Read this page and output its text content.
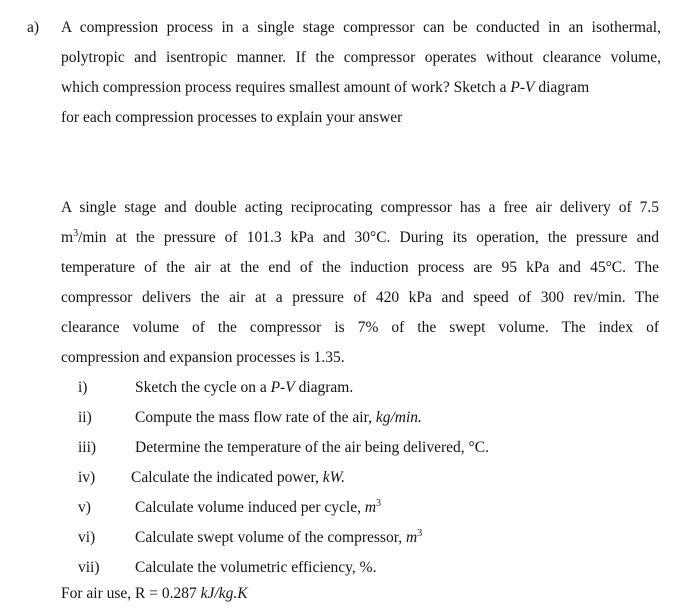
a) A compression process in a single stage compressor can be conducted in an isothermal,
polytropic and isentropic manner. If the compressor operates without clearance volume,
which compression process requires smallest amount of work? Sketch a P-V diagram
for each compression processes to explain your answer
A single stage and double acting reciprocating compressor has a free air delivery of 7.5
$m^3/\min$ at the pressure of 101.3 kPa and 30°C. During its operation, the pressure and
temperature of the air at the end of the induction process are 95 kPa and 45°C. The
compressor delivers the air at a pressure of 420 kPa and speed of 300 rev/min. The
clearance volume of the compressor is 7% of the swept volume. The index of
compression and expansion processes is 1.35.
i)	Sketch the cycle on a P-V diagram.
ii)	Compute the mass flow rate of the air, kg/min.
iii)	Determine the temperature of the air being delivered, °C.
iv)	Calculate the indicated power, kW.
v)	Calculate volume induced per cycle, $m^3$
vi)	Calculate swept volume of the compressor, $m^3$
vii)	Calculate the volumetric efficiency, %.
For air use, R = 0.287 kJ/kg.K
